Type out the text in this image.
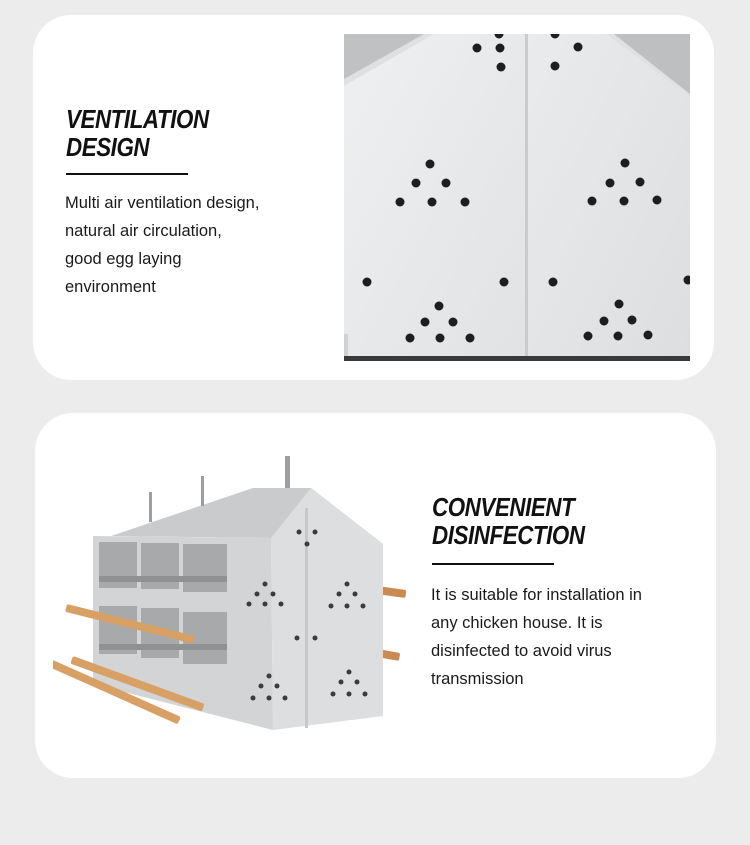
VENTILATION
DESIGN

Multi air ventilation design,
natural air circulation,
good egg laying
environment

CONVENIENT
DISINFECTION

It is suitable for installation in
any chicken house. It is
disinfected to avoid virus
transmission
